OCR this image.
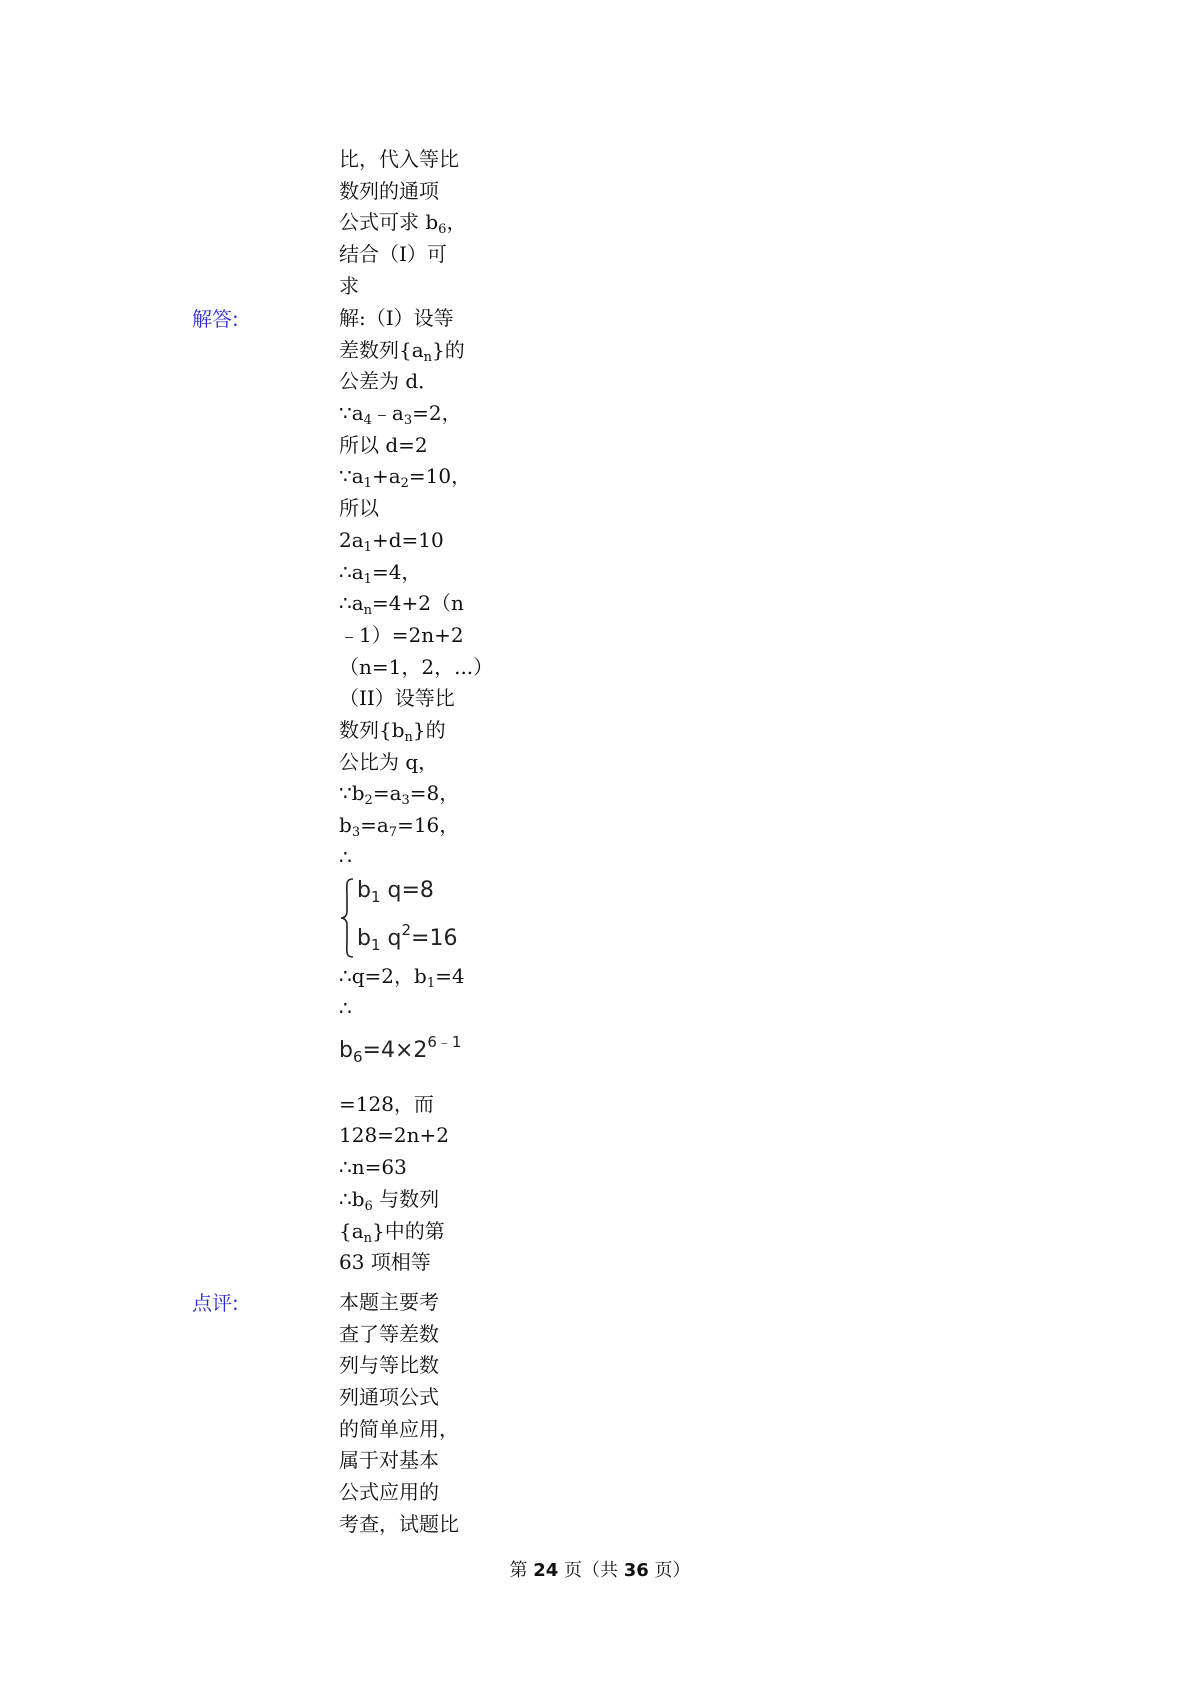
比，代入等比
数列的通项
公式可求 $b_6$，
结合（I）可
求
解答:	解:（I）设等
差数列$\{a_n\}$的
公差为 d．
$\because a_4﹣a_3=2$，
所以 d=2
$\because a_1+a_2=10$，
所以
$2a_1+d=10$
$\therefore a_1=4$，
$\therefore a_n=4+2(n$
﹣1）=2n+2
（n=1，2，...）
（II）设等比
数列$\{b_n\}$的
公比为 q，
$\because b_2=a_3=8$，
$b_3=a_7=16$，
∴
$b_1$ q=8
$b_1$ $q^2=16$
∴q=2，$b_1=4$
∴
$b_6=4\times 2^{6﹣1}$
=128，而
128=2n+2
∴n=63
$\therefore b_6$ 与数列
$\{a_n\}$中的第
63 项相等
点评:	本题主要考
查了等差数
列与等比数
列通项公式
的简单应用，
属于对基本
公式应用的
考查，试题比
第 24 页（共 36 页）
